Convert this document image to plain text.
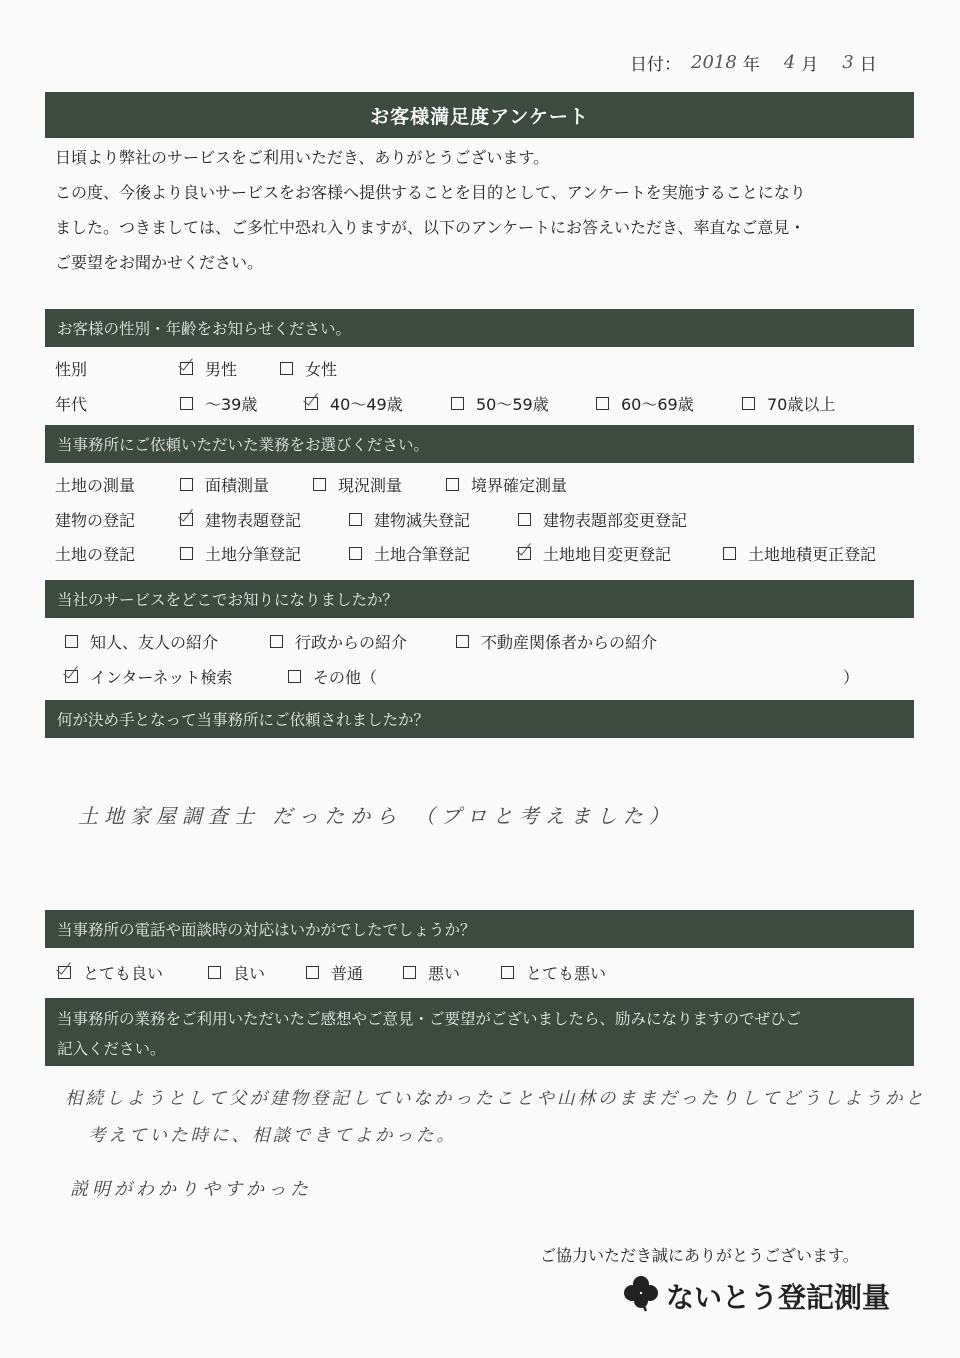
日付： 2018 年 4 月 3 日
お客様満足度アンケート

日頃より弊社のサービスをご利用いただき、ありがとうございます。

この度、今後より良いサービスをお客様へ提供することを目的として、アンケートを実施することになり

ました。つきましては、ご多忙中恐れ入りますが、以下のアンケートにお答えいただき、率直なご意見・

ご要望をお聞かせください。

お客様の性別・年齢をお知らせください。
性別	男性	女性
年代	～39歳	40～49歳	50～59歳	60～69歳	70歳以上
当事務所にご依頼いただいた業務をお選びください。
土地の測量	面積測量	現況測量	境界確定測量
建物の登記	建物表題登記	建物滅失登記	建物表題部変更登記
土地の登記	土地分筆登記	土地合筆登記	土地地目変更登記	土地地積更正登記
当社のサービスをどこでお知りになりましたか？
知人、友人の紹介	行政からの紹介	不動産関係者からの紹介
インターネット検索	その他（	）
何が決め手となって当事務所にご依頼されましたか？
土地家屋調査士 だったから （プロと考えました）
当事務所の電話や面談時の対応はいかがでしたでしょうか？
とても良い	良い	普通	悪い	とても悪い
当事務所の業務をご利用いただいたご感想やご意見・ご要望がございましたら、励みになりますのでぜひご
記入ください。
相続しようとして父が建物登記していなかったことや山林のままだったりしてどうしようかと
考えていた時に、相談できてよかった。
説明がわかりやすかった
ご協力いただき誠にありがとうございます。
ないとう登記測量
